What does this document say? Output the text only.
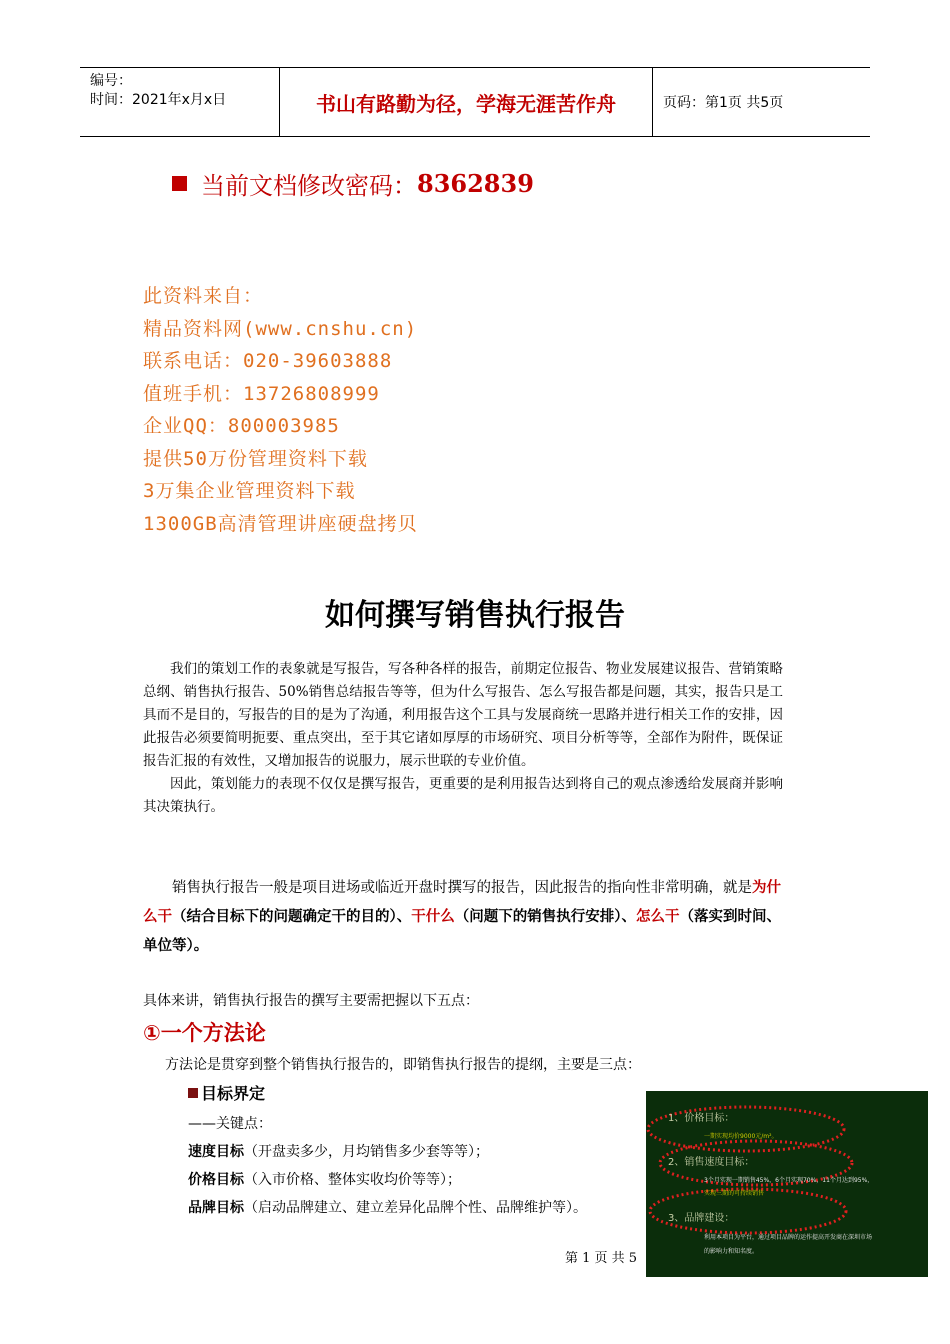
编号：
时间：2021年x月x日	书山有路勤为径，学海无涯苦作舟	页码：第1页 共5页
当前文档修改密码： 8362839
此资料来自：
精品资料网(www.cnshu.cn)
联系电话：020-39603888
值班手机：13726808999
企业QQ：800003985
提供50万份管理资料下载
3万集企业管理资料下载
1300GB高清管理讲座硬盘拷贝
如何撰写销售执行报告

我们的策划工作的表象就是写报告，写各种各样的报告，前期定位报告、物业发展建议报告、营销策略总纲、销售执行报告、50%销售总结报告等等，但为什么写报告、怎么写报告都是问题，其实，报告只是工具而不是目的，写报告的目的是为了沟通，利用报告这个工具与发展商统一思路并进行相关工作的安排，因此报告必须要简明扼要、重点突出，至于其它诸如厚厚的市场研究、项目分析等等，全部作为附件，既保证报告汇报的有效性，又增加报告的说服力，展示世联的专业价值。

因此，策划能力的表现不仅仅是撰写报告，更重要的是利用报告达到将自己的观点渗透给发展商并影响其决策执行。

销售执行报告一般是项目进场或临近开盘时撰写的报告，因此报告的指向性非常明确，就是为什么干（结合目标下的问题确定干的目的）、干什么（问题下的销售执行安排）、怎么干（落实到时间、单位等）。
具体来讲，销售执行报告的撰写主要需把握以下五点：
①一个方法论
方法论是贯穿到整个销售执行报告的，即销售执行报告的提纲，主要是三点：
目标界定
——关键点：
速度目标（开盘卖多少，月均销售多少套等等）；
价格目标（入市价格、整体实收均价等等）；
品牌目标（启动品牌建立、建立差异化品牌个性、品牌维护等）。
第 1 页 共 5
1、价格目标：
一期实现均价9000元/m²。
2、销售速度目标：
3个月实现一期销售45%，6个月实现70%，11个月达到95%，
实现三期的可持续销售
3、品牌建设：
利用本项目为平台，通过项目品牌的运作提高开发商在深圳市场
的影响力和知名度。
